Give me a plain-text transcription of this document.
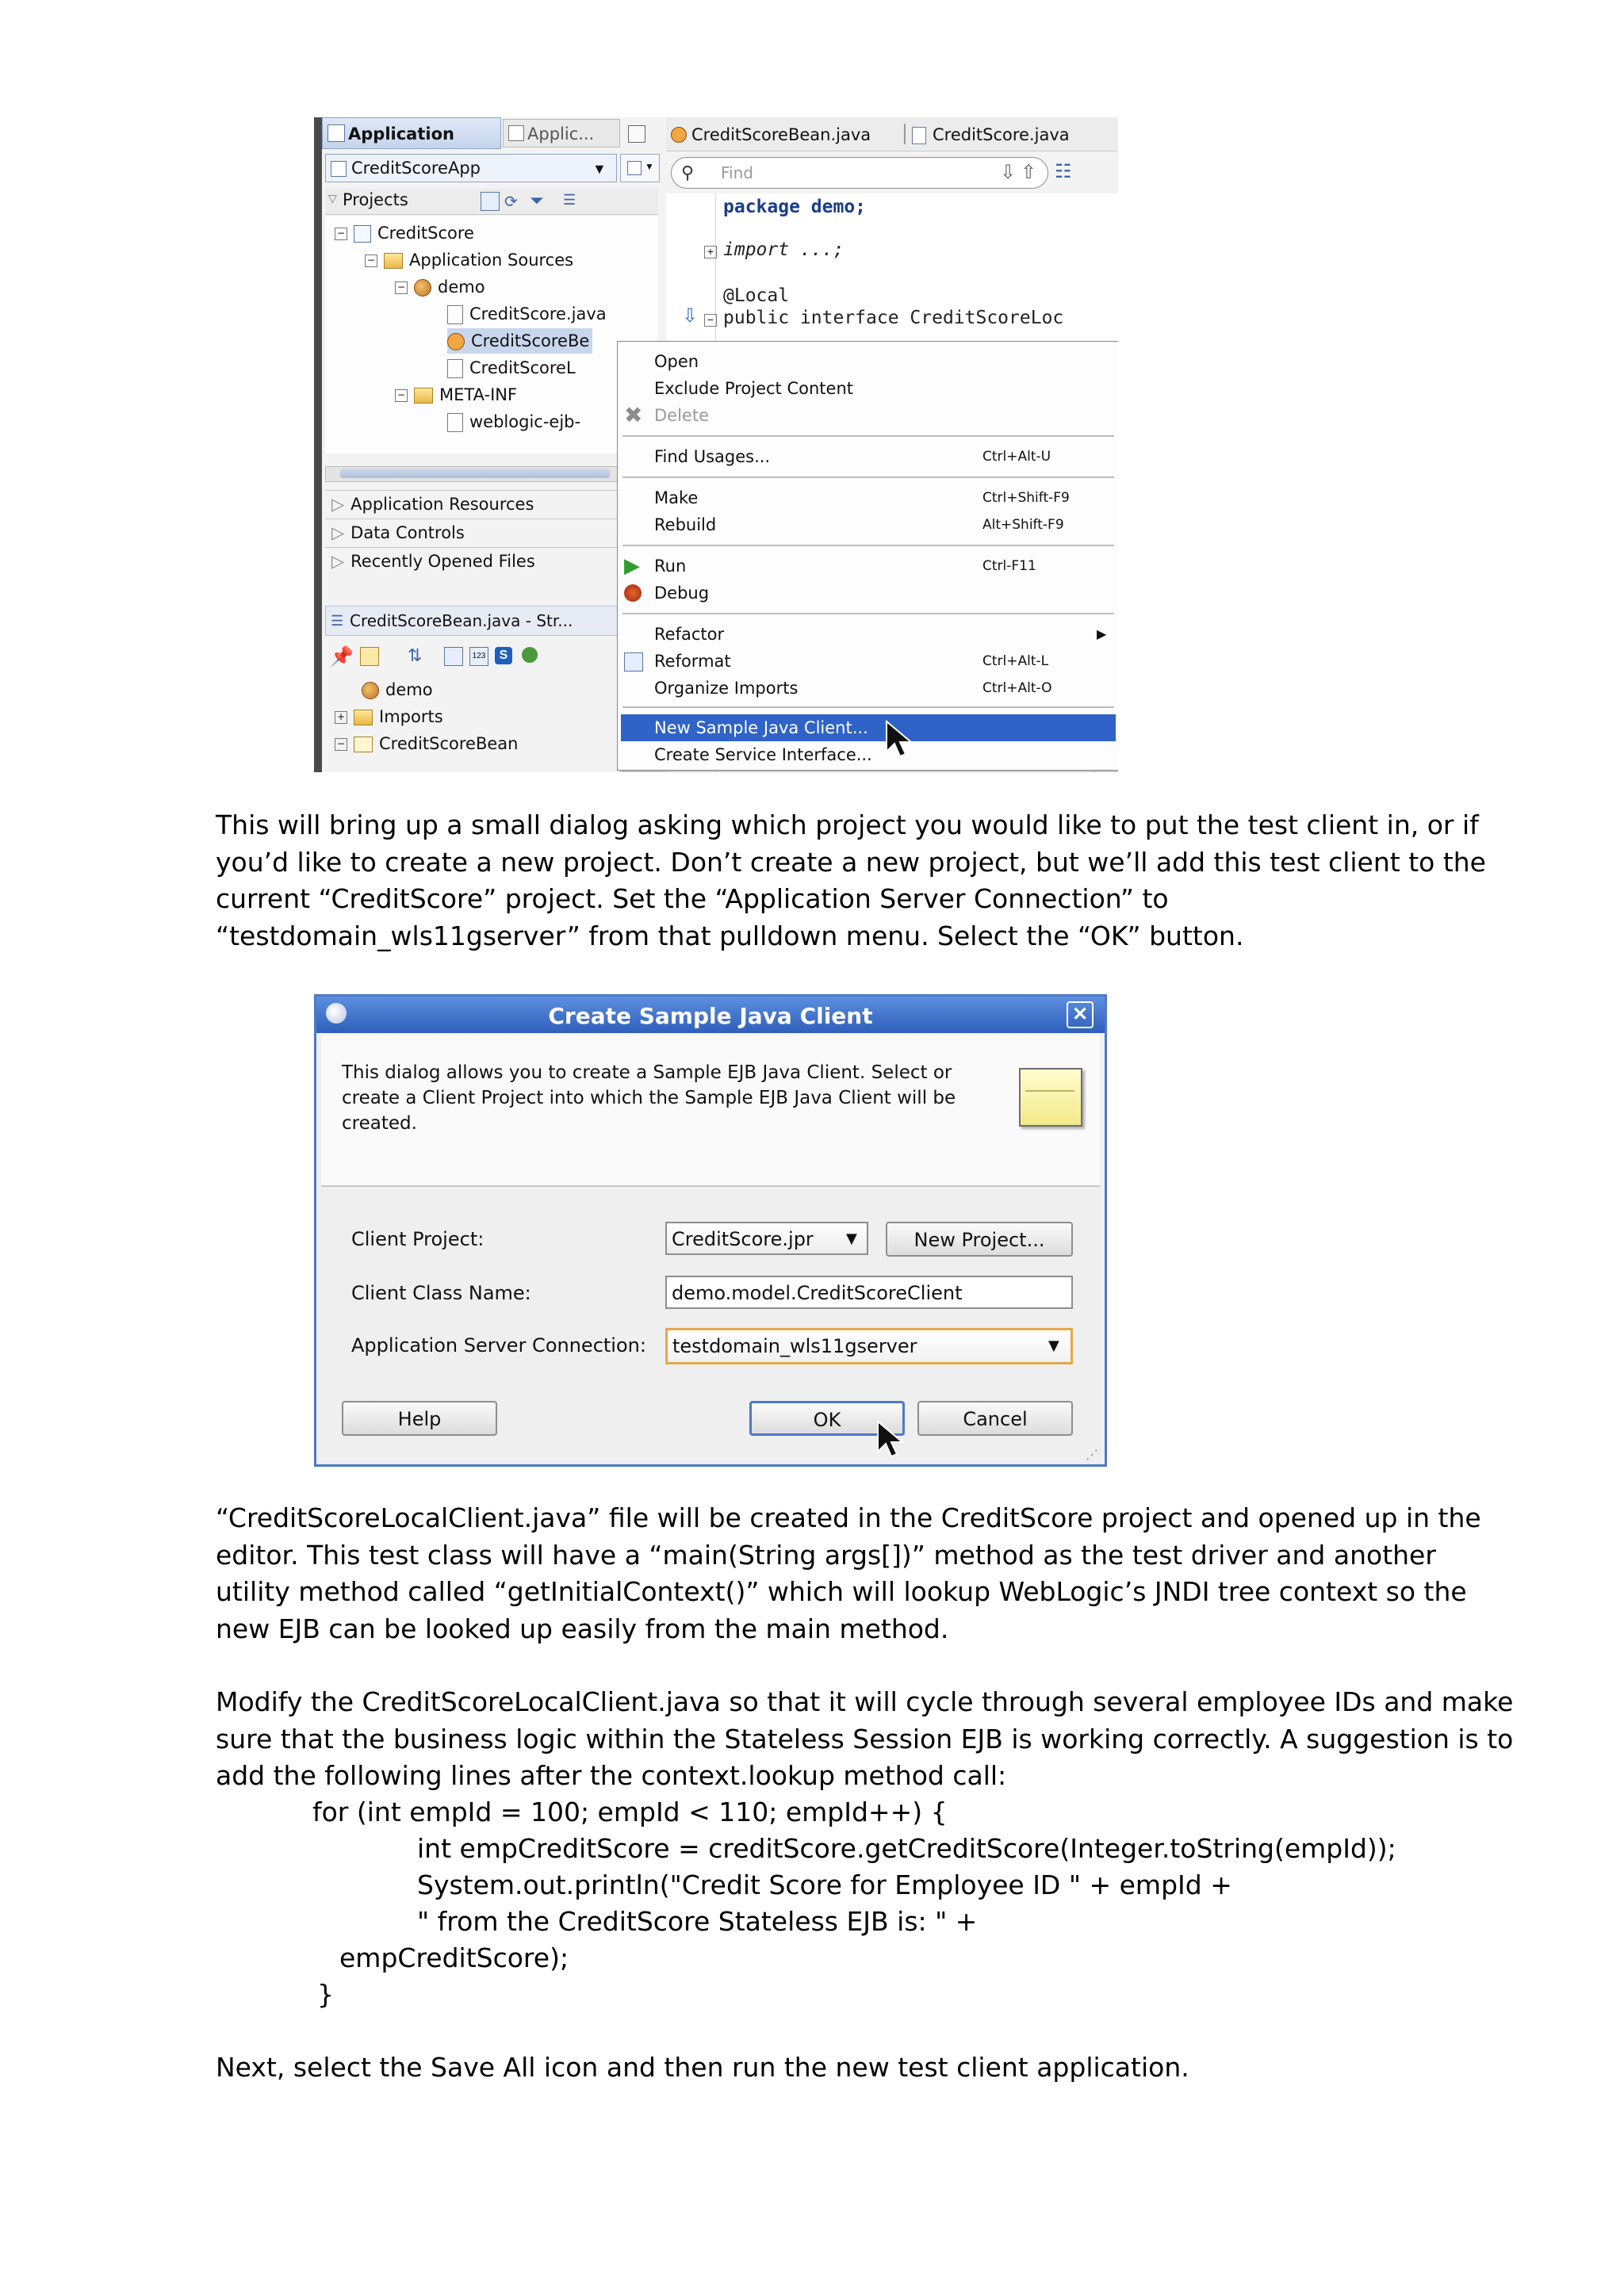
Application	Applic...
CreditScoreApp	▼	▼
▽ Projects	⟳ ⏷ ☰
− CreditScore
− Application Sources
− demo
CreditScore.java
CreditScoreBe
CreditScoreL
− META-INF
weblogic-ejb-
▷ Application Resources
▷ Data Controls
▷ Recently Opened Files
☰ CreditScoreBean.java - Str...
📌	⇅	123	S
demo
+ Imports
− CreditScoreBean
CreditScoreBean.java	CreditScore.java
⚲ Find	⇩ ⇧ ☷
package demo;
+ import ...;
@Local
⇩ − public interface CreditScoreLoc
Open
Exclude Project Content
✖ Delete
Find Usages...	Ctrl+Alt-U
Make	Ctrl+Shift-F9
Rebuild	Alt+Shift-F9
▶ Run	Ctrl-F11
Debug
Refactor	▶
Reformat	Ctrl+Alt-L
Organize Imports	Ctrl+Alt-O
New Sample Java Client...
Create Service Interface...

This will bring up a small dialog asking which project you would like to put the test client in, or if you’d like to create a new project. Don’t create a new project, but we’ll add this test client to the current “CreditScore” project. Set the “Application Server Connection” to “testdomain_wls11gserver” from that pulldown menu. Select the “OK” button.

Create Sample Java Client	✕
This dialog allows you to create a Sample EJB Java Client. Select or create a Client Project into which the Sample EJB Java Client will be created.
Client Project:	CreditScore.jpr ▼	New Project...
Client Class Name:	demo.model.CreditScoreClient
Application Server Connection:	testdomain_wls11gserver	▼
Help	OK	Cancel
⋰

“CreditScoreLocalClient.java” file will be created in the CreditScore project and opened up in the editor. This test class will have a “main(String args[])” method as the test driver and another utility method called “getInitialContext()” which will lookup WebLogic’s JNDI tree context so the new EJB can be looked up easily from the main method.

Modify the CreditScoreLocalClient.java so that it will cycle through several employee IDs and make sure that the business logic within the Stateless Session EJB is working correctly. A suggestion is to add the following lines after the context.lookup method call:

for (int empId = 100; empId < 110; empId++) {
int empCreditScore = creditScore.getCreditScore(Integer.toString(empId));
System.out.println("Credit Score for Employee ID " + empId +
" from the CreditScore Stateless EJB is: " +
empCreditScore);
}

Next, select the Save All icon and then run the new test client application.
